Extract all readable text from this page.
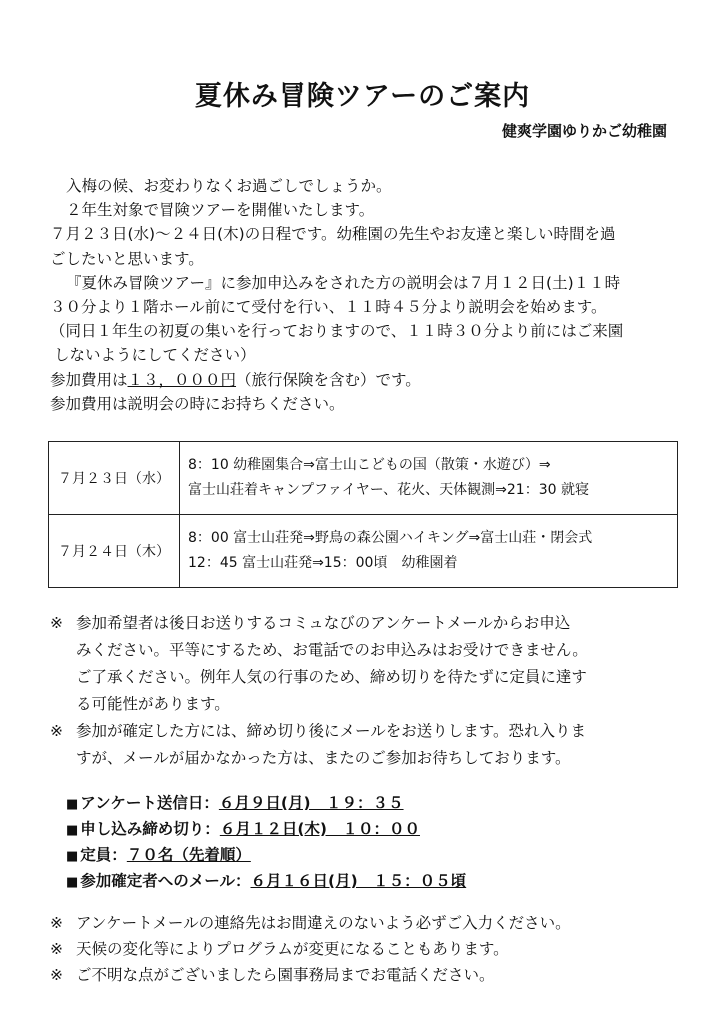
夏休み冒険ツアーのご案内
健爽学園ゆりかご幼稚園

入梅の候、お変わりなくお過ごしでしょうか。

２年生対象で冒険ツアーを開催いたします。

７月２３日(水)～２４日(木)の日程です。幼稚園の先生やお友達と楽しい時間を過

ごしたいと思います。

『夏休み冒険ツアー』に参加申込みをされた方の説明会は７月１２日(土)１１時

３０分より１階ホール前にて受付を行い、１１時４５分より説明会を始めます。

（同日１年生の初夏の集いを行っておりますので、１１時３０分より前にはご来園

しないようにしてください）

参加費用は１３，０００円（旅行保険を含む）です。

参加費用は説明会の時にお持ちください。

７月２３日（水）	8：10 幼稚園集合⇒富士山こどもの国（散策・水遊び）⇒
富士山荘着キャンプファイヤー、花火、天体観測⇒21：30 就寝

７月２４日（木）	8：00 富士山荘発⇒野鳥の森公園ハイキング⇒富士山荘・閉会式
12：45 富士山荘発⇒15：00頃　幼稚園着
※ 参加希望者は後日お送りするコミュなびのアンケートメールからお申込
みください。平等にするため、お電話でのお申込みはお受けできません。
ご了承ください。例年人気の行事のため、締め切りを待たずに定員に達す
る可能性があります。
※ 参加が確定した方には、締め切り後にメールをお送りします。恐れ入りま
すが、メールが届かなかった方は、またのご参加お待ちしております。
■ アンケート送信日：６月９日(月)　１９：３５
■ 申し込み締め切り：６月１２日(木)　１０：００
■ 定員：７０名（先着順）
■ 参加確定者へのメール：６月１６日(月)　１５：０５頃
※ アンケートメールの連絡先はお間違えのないよう必ずご入力ください。
※ 天候の変化等によりプログラムが変更になることもあります。
※ ご不明な点がございましたら園事務局までお電話ください。
